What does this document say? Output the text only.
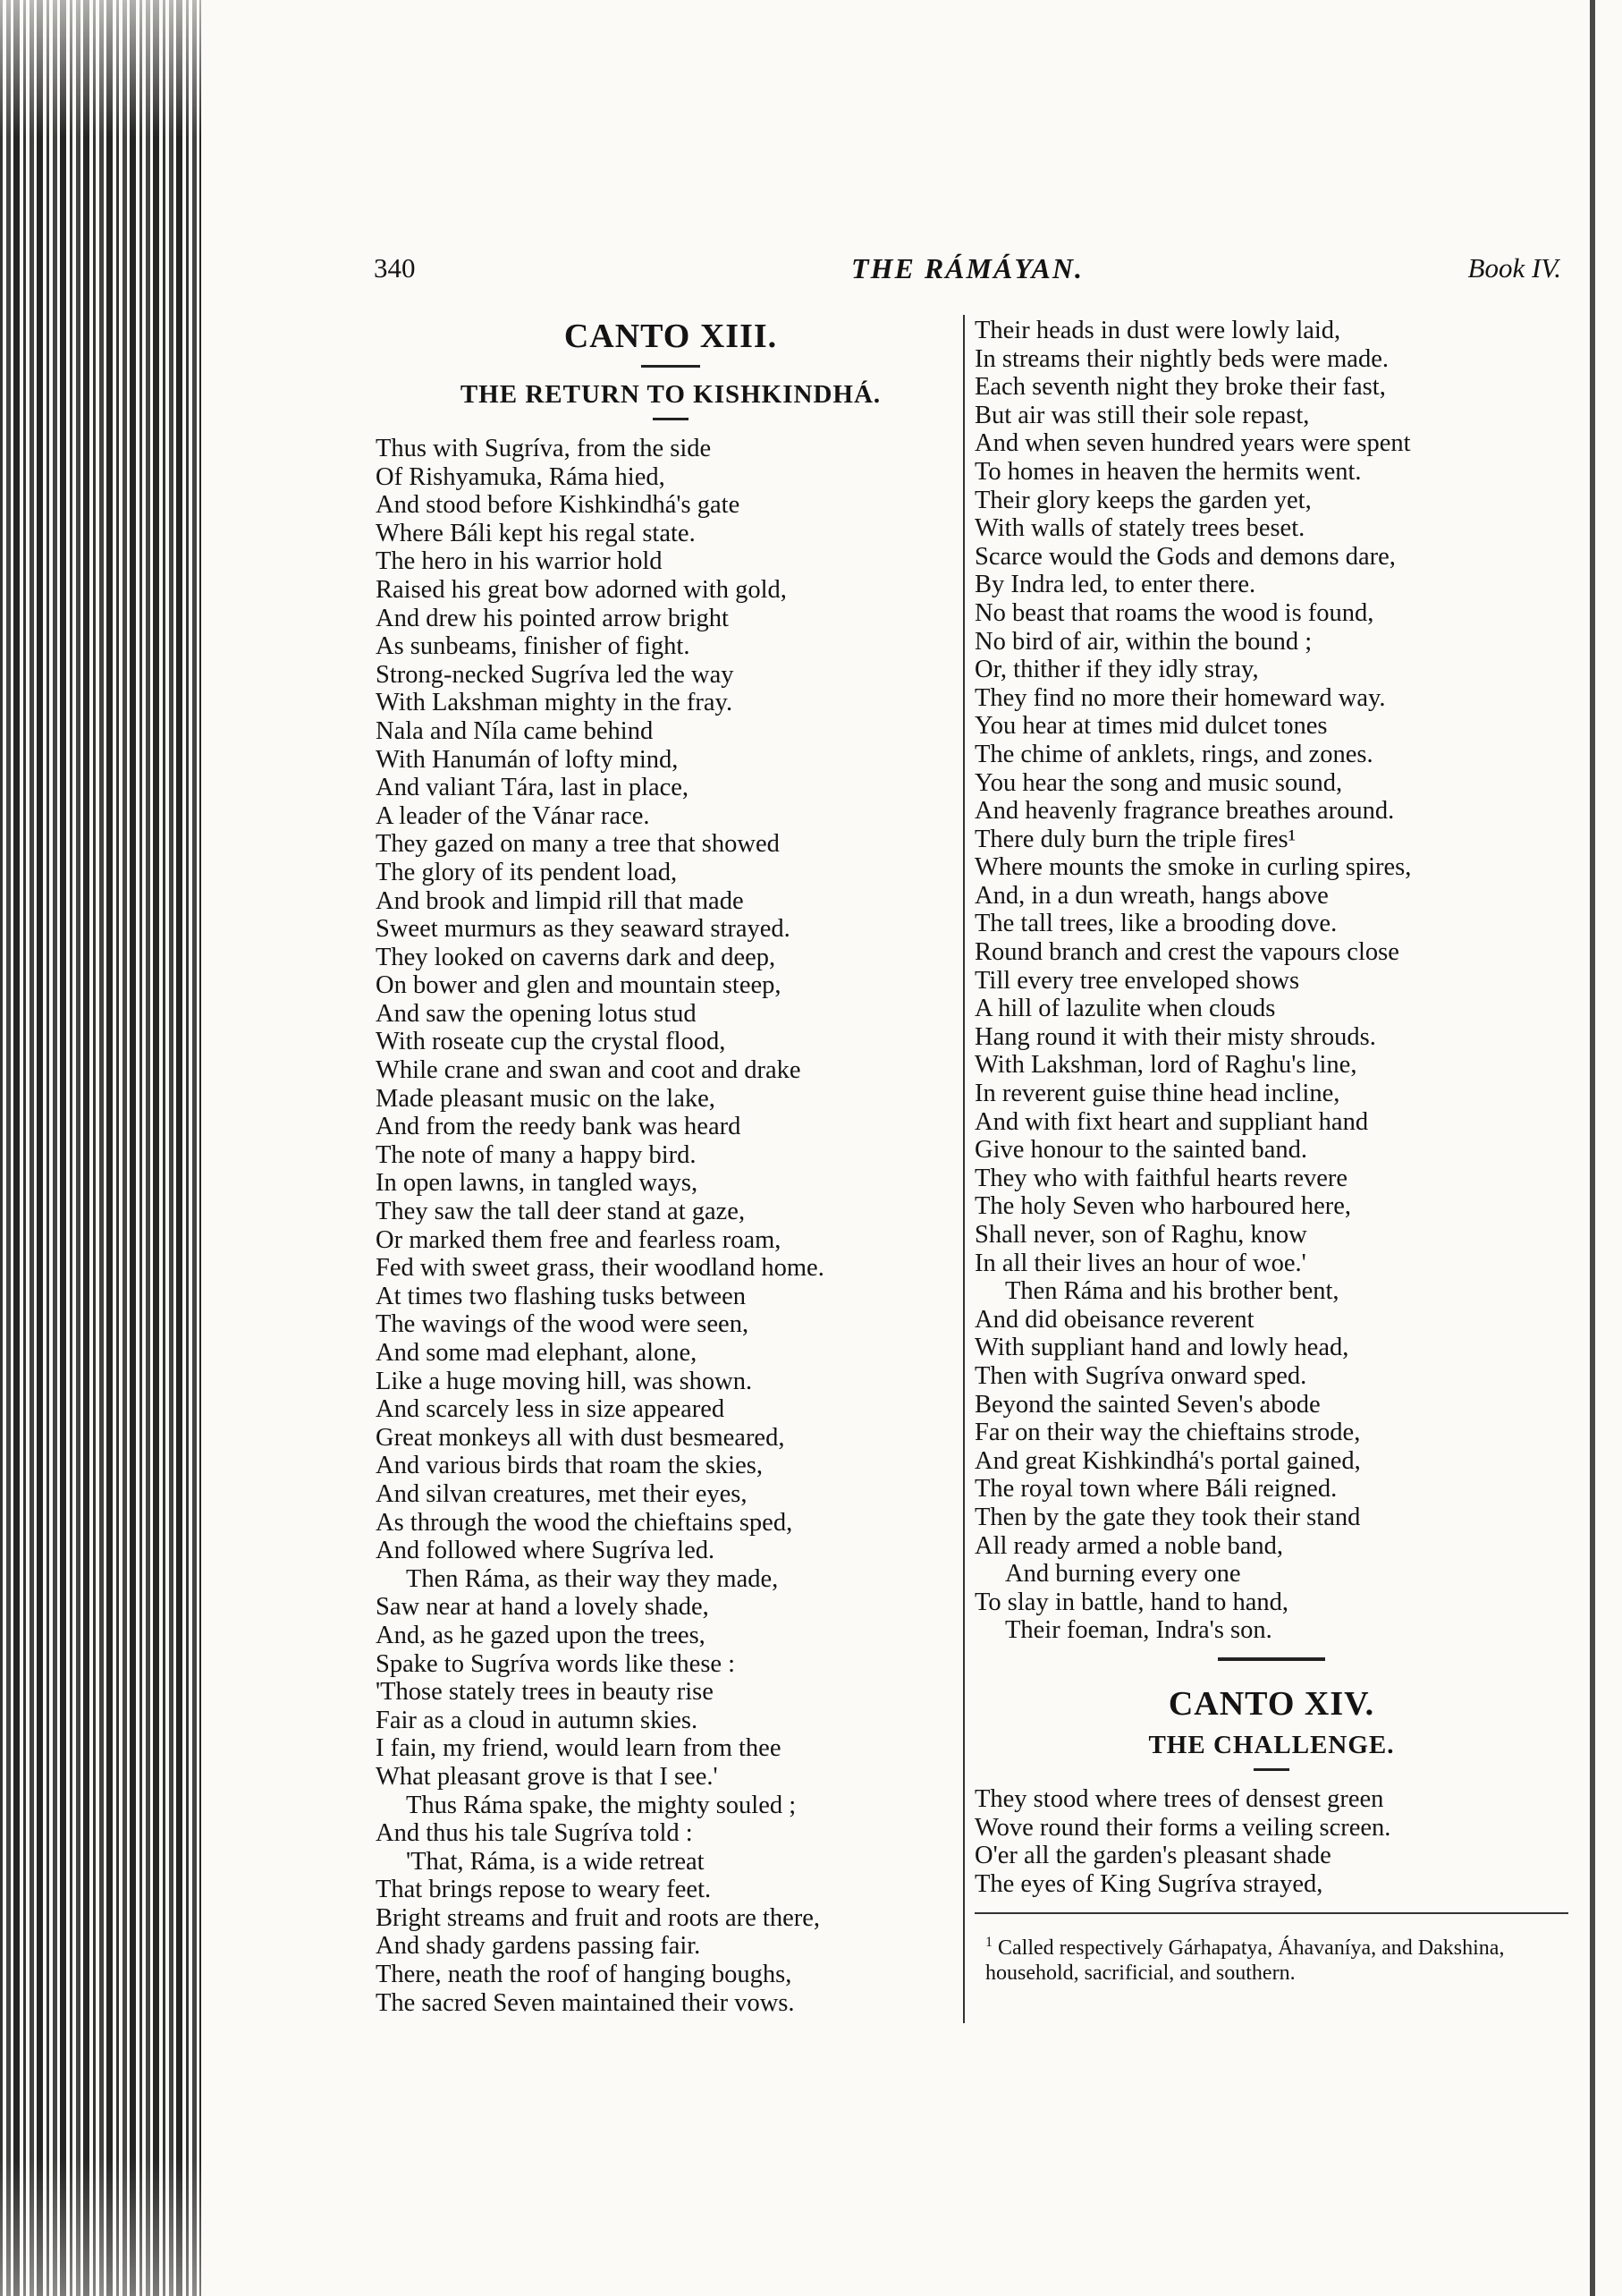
340	THE RÁMÁYAN.	Book IV.
CANTO XIII.
THE RETURN TO KISHKINDHÁ.
Thus with Sugríva, from the side
Of Rishyamuka, Ráma hied,
And stood before Kishkindhá's gate
Where Báli kept his regal state.
The hero in his warrior hold
Raised his great bow adorned with gold,
And drew his pointed arrow bright
As sunbeams, finisher of fight.
Strong-necked Sugríva led the way
With Lakshman mighty in the fray.
Nala and Níla came behind
With Hanumán of lofty mind,
And valiant Tára, last in place,
A leader of the Vánar race.
They gazed on many a tree that showed
The glory of its pendent load,
And brook and limpid rill that made
Sweet murmurs as they seaward strayed.
They looked on caverns dark and deep,
On bower and glen and mountain steep,
And saw the opening lotus stud
With roseate cup the crystal flood,
While crane and swan and coot and drake
Made pleasant music on the lake,
And from the reedy bank was heard
The note of many a happy bird.
In open lawns, in tangled ways,
They saw the tall deer stand at gaze,
Or marked them free and fearless roam,
Fed with sweet grass, their woodland home.
At times two flashing tusks between
The wavings of the wood were seen,
And some mad elephant, alone,
Like a huge moving hill, was shown.
And scarcely less in size appeared
Great monkeys all with dust besmeared,
And various birds that roam the skies,
And silvan creatures, met their eyes,
As through the wood the chieftains sped,
And followed where Sugríva led.
Then Ráma, as their way they made,
Saw near at hand a lovely shade,
And, as he gazed upon the trees,
Spake to Sugríva words like these :
'Those stately trees in beauty rise
Fair as a cloud in autumn skies.
I fain, my friend, would learn from thee
What pleasant grove is that I see.'
Thus Ráma spake, the mighty souled ;
And thus his tale Sugríva told :
'That, Ráma, is a wide retreat
That brings repose to weary feet.
Bright streams and fruit and roots are there,
And shady gardens passing fair.
There, neath the roof of hanging boughs,
The sacred Seven maintained their vows.
Their heads in dust were lowly laid,
In streams their nightly beds were made.
Each seventh night they broke their fast,
But air was still their sole repast,
And when seven hundred years were spent
To homes in heaven the hermits went.
Their glory keeps the garden yet,
With walls of stately trees beset.
Scarce would the Gods and demons dare,
By Indra led, to enter there.
No beast that roams the wood is found,
No bird of air, within the bound ;
Or, thither if they idly stray,
They find no more their homeward way.
You hear at times mid dulcet tones
The chime of anklets, rings, and zones.
You hear the song and music sound,
And heavenly fragrance breathes around.
There duly burn the triple fires¹
Where mounts the smoke in curling spires,
And, in a dun wreath, hangs above
The tall trees, like a brooding dove.
Round branch and crest the vapours close
Till every tree enveloped shows
A hill of lazulite when clouds
Hang round it with their misty shrouds.
With Lakshman, lord of Raghu's line,
In reverent guise thine head incline,
And with fixt heart and suppliant hand
Give honour to the sainted band.
They who with faithful hearts revere
The holy Seven who harboured here,
Shall never, son of Raghu, know
In all their lives an hour of woe.'
Then Ráma and his brother bent,
And did obeisance reverent
With suppliant hand and lowly head,
Then with Sugríva onward sped.
Beyond the sainted Seven's abode
Far on their way the chieftains strode,
And great Kishkindhá's portal gained,
The royal town where Báli reigned.
Then by the gate they took their stand
All ready armed a noble band,
And burning every one
To slay in battle, hand to hand,
Their foeman, Indra's son.
CANTO XIV.
THE CHALLENGE.
They stood where trees of densest green
Wove round their forms a veiling screen.
O'er all the garden's pleasant shade
The eyes of King Sugríva strayed,
$^1$ Called respectively Gárhapatya, Áhavaníya, and Dakshina, household, sacrificial, and southern.
